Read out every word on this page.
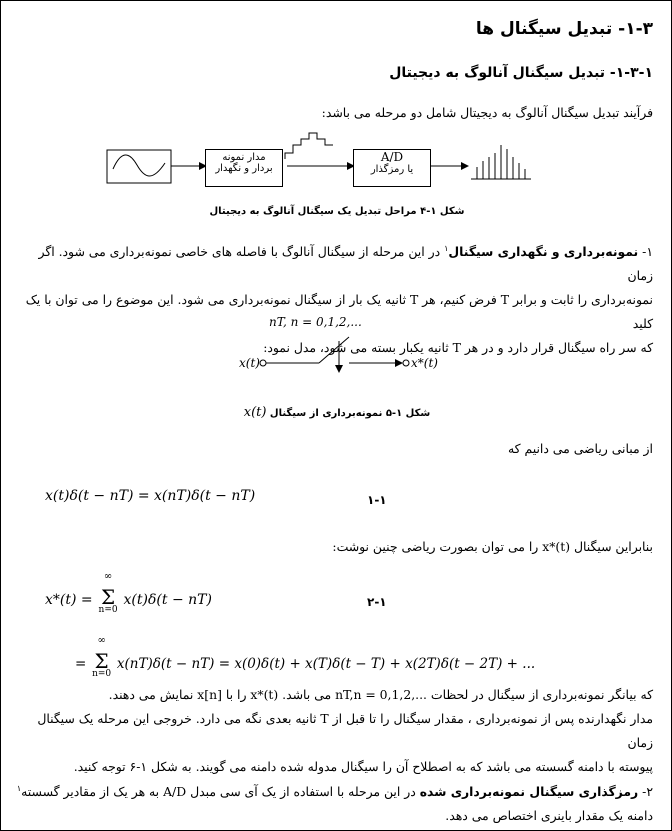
۱-۳- تبدیل سیگنال ها
۱-۳-۱- تبدیل سیگنال آنالوگ به دیجیتال
فرآیند تبدیل سیگنال آنالوگ به دیجیتال شامل دو مرحله می باشد:
مدار نمونه
بردار و نگهدار
A/D
یا رمزگذار
شکل ۱-۴ مراحل تبدیل یک سیگنال آنالوگ به دیجیتال
۱- نمونه‌برداری و نگهداری سیگنال$^۱$ در این مرحله از سیگنال آنالوگ با فاصله های خاصی نمونه‌برداری می شود. اگر زمان
نمونه‌برداری را ثابت و برابر T فرض کنیم، هر T ثانیه یک بار از سیگنال نمونه‌برداری می شود. این موضوع را می توان با یک کلید
که سر راه سیگنال قرار دارد و در هر T ثانیه یکبار بسته می شود، مدل نمود:
nT, n = 0,1,2,...
x(t)	x*(t)
شکل ۱-۵ نمونه‌برداری از سیگنال x(t)
از مبانی ریاضی می دانیم که
x(t)δ(t − nT) = x(nT)δ(t − nT)	۱-۱
بنابراین سیگنال (t)*x را می توان بصورت ریاضی چنین نوشت:
x*(t) =
∞
Σ
n=0
x(t)δ(t − nT)	۲-۱
=
∞
Σ
n=0
x(nT)δ(t − nT) = x(0)δ(t) + x(T)δ(t − T) + x(2T)δ(t − 2T) + ...
که بیانگر نمونه‌برداری از سیگنال در لحظات ...,nT,n = 0,1,2 می باشد. (t)*x را با x[n] نمایش می دهند.
مدار نگهدارنده پس از نمونه‌برداری ، مقدار سیگنال را تا قبل از T ثانیه بعدی نگه می دارد. خروجی این مرحله یک سیگنال زمان
پیوسته با دامنه گسسته می باشد که به اصطلاح آن را سیگنال مدوله شده دامنه می گویند. به شکل ۱-۶ توجه کنید.
۲- رمزگذاری سیگنال نمونه‌برداری شده در این مرحله با استفاده از یک آی سی مبدل A/D به هر یک از مقادیر گسسته$^۱$
دامنه یک مقدار باینری اختصاص می دهد.
